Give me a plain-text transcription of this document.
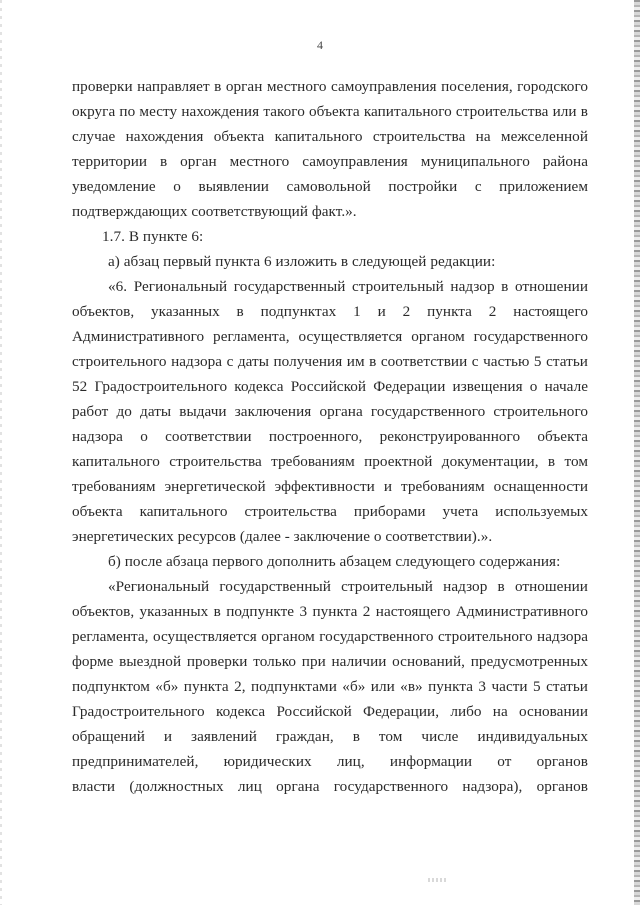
4
проверки направляет в орган местного самоуправления поселения, городского
округа по месту нахождения такого объекта капитального строительства или в
случае нахождения объекта капитального строительства на межселенной
территории в орган местного самоуправления муниципального района
уведомление о выявлении самовольной постройки с приложением
подтверждающих соответствующий факт.».
1.7. В пункте 6:
а) абзац первый пункта 6 изложить в следующей редакции:
«6. Региональный государственный строительный надзор в отношении
объектов, указанных в подпунктах 1 и 2 пункта 2 настоящего
Административного регламента, осуществляется органом государственного
строительного надзора с даты получения им в соответствии с частью 5 статьи
52 Градостроительного кодекса Российской Федерации извещения о начале
работ до даты выдачи заключения органа государственного строительного
надзора о соответствии построенного, реконструированного объекта
капитального строительства требованиям проектной документации, в том
требованиям энергетической эффективности и требованиям оснащенности
объекта капитального строительства приборами учета используемых
энергетических ресурсов (далее - заключение о соответствии).».
б) после абзаца первого дополнить абзацем следующего содержания:
«Региональный государственный строительный надзор в отношении
объектов, указанных в подпункте 3 пункта 2 настоящего Административного
регламента, осуществляется органом государственного строительного надзора
форме выездной проверки только при наличии оснований, предусмотренных
подпунктом «б» пункта 2, подпунктами «б» или «в» пункта 3 части 5 статьи
Градостроительного кодекса Российской Федерации, либо на основании
обращений и заявлений граждан, в том числе индивидуальных
предпринимателей, юридических лиц, информации от органов
власти (должностных лиц органа государственного надзора), органов
